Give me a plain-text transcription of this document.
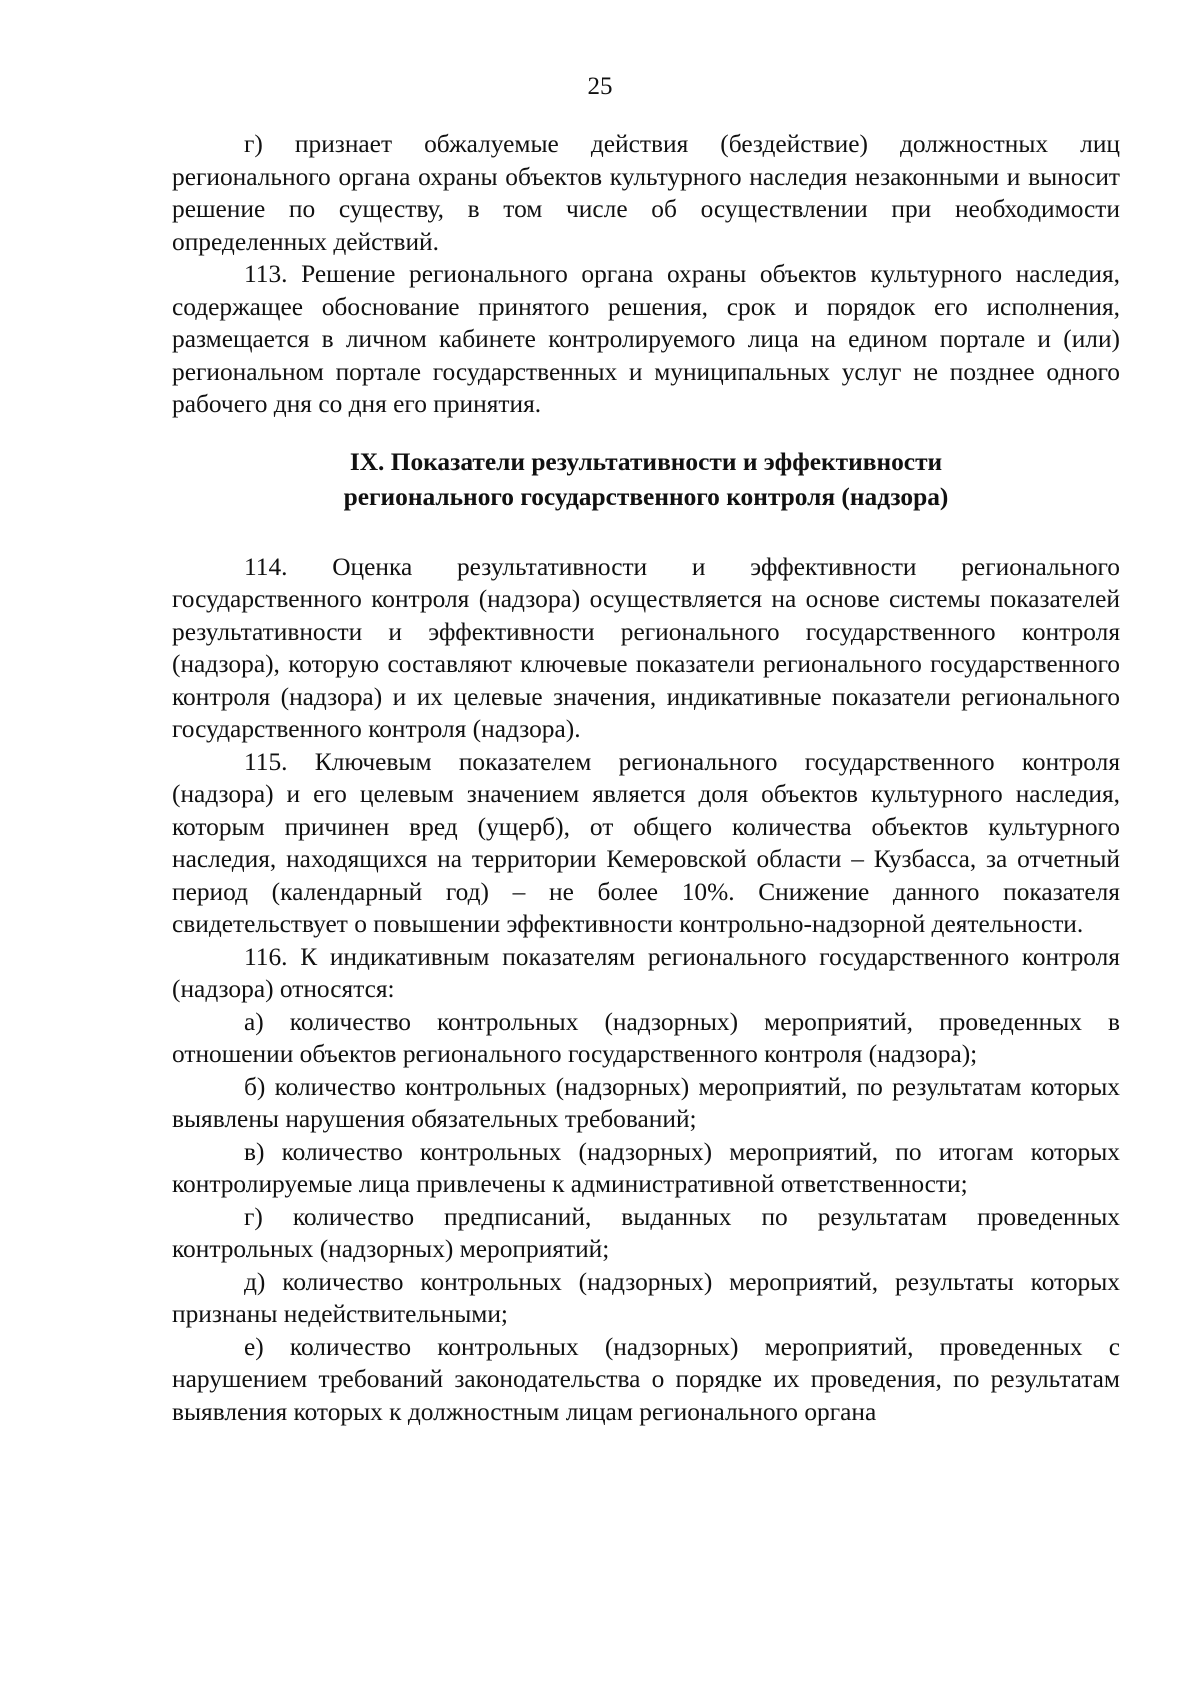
25

г) признает обжалуемые действия (бездействие) должностных лиц регионального органа охраны объектов культурного наследия незаконными и выносит решение по существу, в том числе об осуществлении при необходимости определенных действий.

113. Решение регионального органа охраны объектов культурного наследия, содержащее обоснование принятого решения, срок и порядок его исполнения, размещается в личном кабинете контролируемого лица на едином портале и (или) региональном портале государственных и муниципальных услуг не позднее одного рабочего дня со дня его принятия.

IX. Показатели результативности и эффективности
регионального государственного контроля (надзора)

114. Оценка результативности и эффективности регионального государственного контроля (надзора) осуществляется на основе системы показателей результативности и эффективности регионального государственного контроля (надзора), которую составляют ключевые показатели регионального государственного контроля (надзора) и их целевые значения, индикативные показатели регионального государственного контроля (надзора).

115. Ключевым показателем регионального государственного контроля (надзора) и его целевым значением является доля объектов культурного наследия, которым причинен вред (ущерб), от общего количества объектов культурного наследия, находящихся на территории Кемеровской области – Кузбасса, за отчетный период (календарный год) – не более 10%. Снижение данного показателя свидетельствует о повышении эффективности контрольно-надзорной деятельности.

116. К индикативным показателям регионального государственного контроля (надзора) относятся:

а) количество контрольных (надзорных) мероприятий, проведенных в отношении объектов регионального государственного контроля (надзора);

б) количество контрольных (надзорных) мероприятий, по результатам которых выявлены нарушения обязательных требований;

в) количество контрольных (надзорных) мероприятий, по итогам которых контролируемые лица привлечены к административной ответственности;

г) количество предписаний, выданных по результатам проведенных контрольных (надзорных) мероприятий;

д) количество контрольных (надзорных) мероприятий, результаты которых признаны недействительными;

е) количество контрольных (надзорных) мероприятий, проведенных с нарушением требований законодательства о порядке их проведения, по результатам выявления которых к должностным лицам регионального органа
